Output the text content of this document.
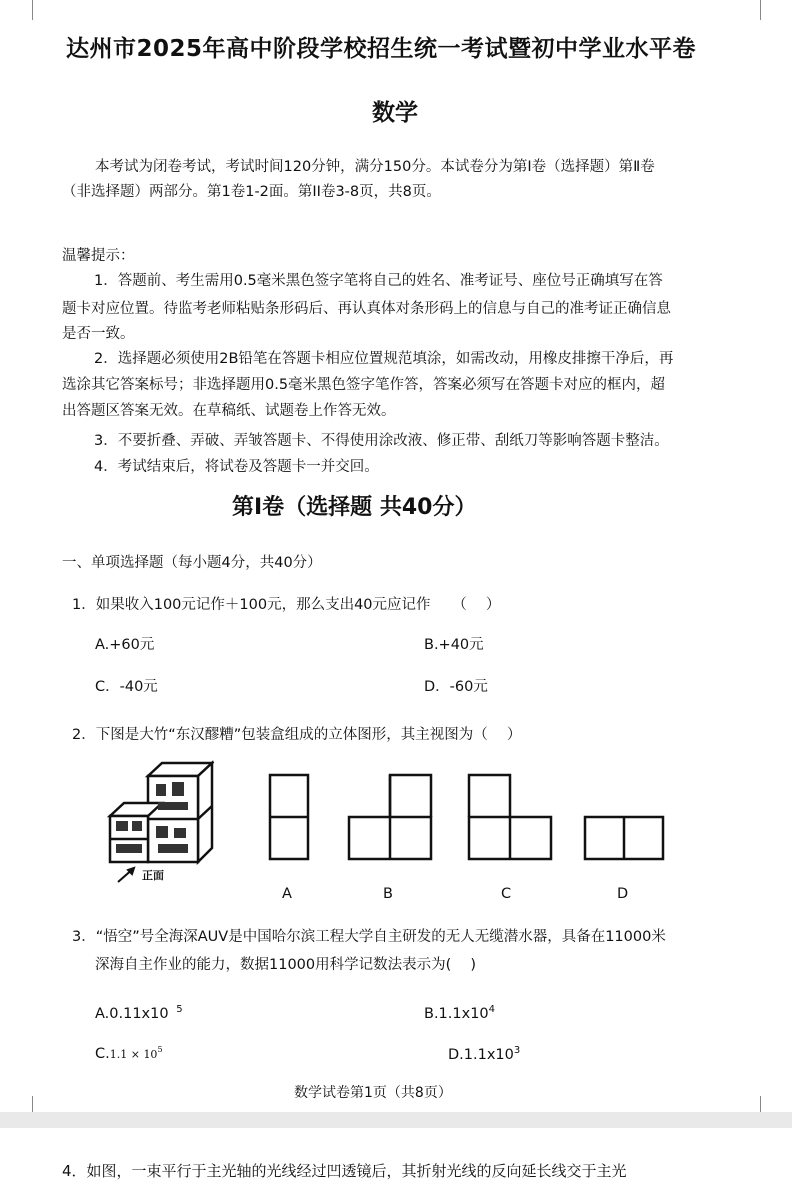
达州市2025年高中阶段学校招生统一考试暨初中学业水平卷
数学
本考试为闭卷考试，考试时间120分钟，满分150分。本试卷分为第Ⅰ卷（选择题）第Ⅱ卷
（非选择题）两部分。第1卷1-2面。第II卷3-8页，共8页。
温馨提示：
1．答题前、考生需用0.5毫米黑色签字笔将自己的姓名、准考证号、座位号正确填写在答
题卡对应位置。待监考老师粘贴条形码后、再认真体对条形码上的信息与自己的准考证正确信息
是否一致。
2．选择题必须使用2B铅笔在答题卡相应位置规范填涂，如需改动，用橡皮排擦干净后，再
选涂其它答案标号；非选择题用0.5毫米黑色签字笔作答，答案必须写在答题卡对应的框内，超
出答题区答案无效。在草稿纸、试题卷上作答无效。
3．不要折叠、弄破、弄皱答题卡、不得使用涂改液、修正带、刮纸刀等影响答题卡整洁。
4．考试结束后，将试卷及答题卡一并交回。
第Ⅰ卷（选择题 共40分）
一、单项选择题（每小题4分，共40分）
1．如果收入100元记作＋100元，那么支出40元应记作　　（　 ）
A.+60元	B.+40元
C．-40元	D．-60元
2．下图是大竹“东汉醪糟”包装盒组成的立体图形，其主视图为（　 ）
正面
A	B	C	D
3．“悟空”号全海深AUV是中国哈尔滨工程大学自主研发的无人无缆潜水器，具备在11000米
深海自主作业的能力，数据11000用科学记数法表示为(　 )
A.0.11x10 $^5$	$B.1.1x10^4$
$C.1.1 \times 10^5$	$D.1.1x10^3$
数学试卷第1页（共8页）
4．如图，一束平行于主光轴的光线经过凹透镜后，其折射光线的反向延长线交于主光
